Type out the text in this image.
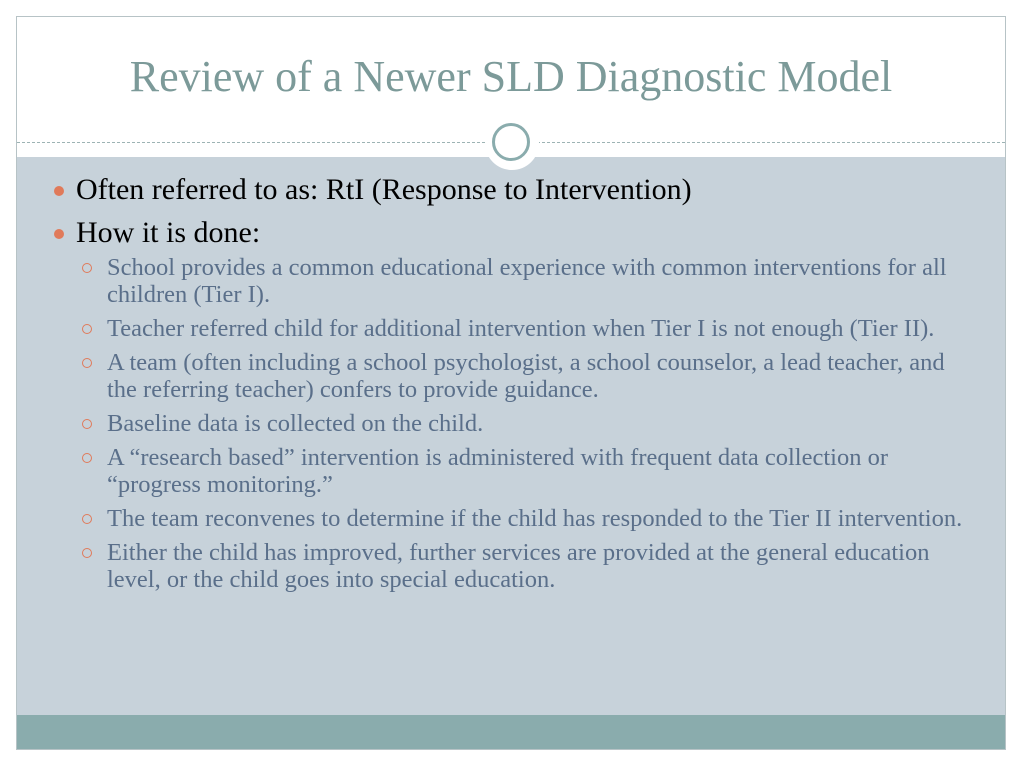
Review of a Newer SLD Diagnostic Model
Often referred to as: RtI (Response to Intervention)
How it is done:
School provides a common educational experience with common interventions for all children (Tier I).
Teacher referred child for additional intervention when Tier I is not enough (Tier II).
A team (often including a school psychologist, a school counselor, a lead teacher, and the referring teacher) confers to provide guidance.
Baseline data is collected on the child.
A “research based” intervention is administered with frequent data collection or “progress monitoring.”
The team reconvenes to determine if the child has responded to the Tier II intervention.
Either the child has improved, further services are provided at the general education level, or the child goes into special education.
